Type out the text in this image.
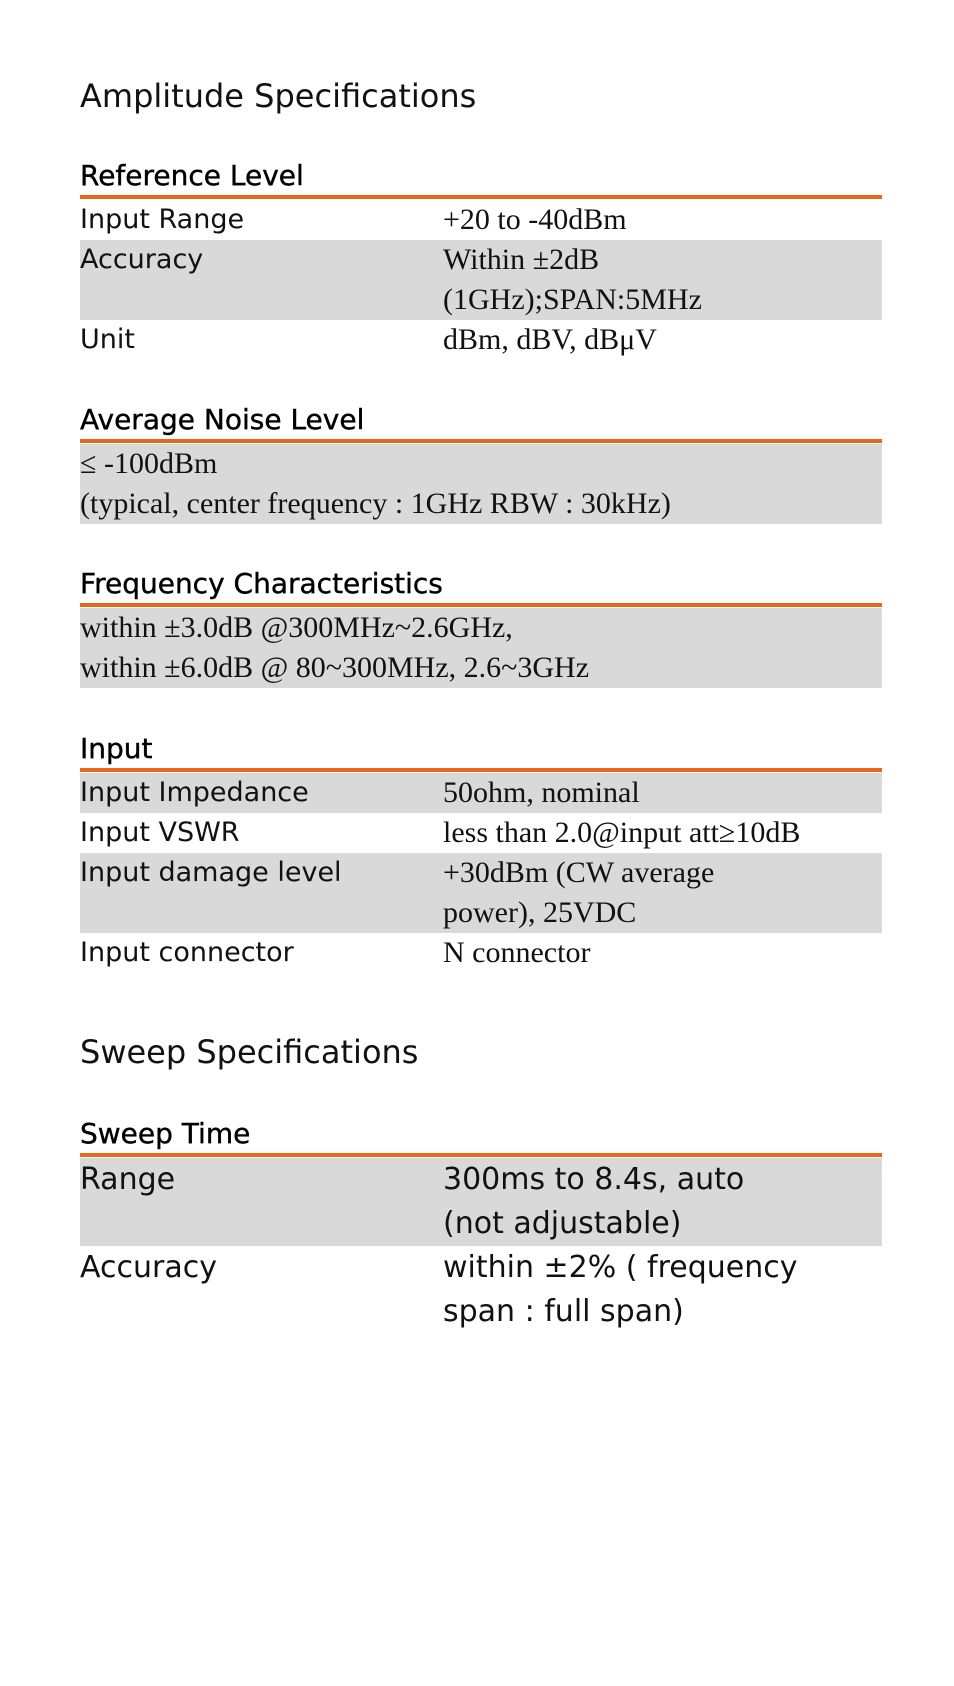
Amplitude Specifications
Reference Level
Input Range	+20 to -40dBm
Accuracy	Within ±2dB
(1GHz);SPAN:5MHz
Unit	dBm, dBV, dBμV
Average Noise Level
≤ -100dBm
(typical, center frequency : 1GHz RBW : 30kHz)
Frequency Characteristics
within ±3.0dB @300MHz~2.6GHz,
within ±6.0dB @ 80~300MHz, 2.6~3GHz
Input
Input Impedance	50ohm, nominal
Input VSWR	less than 2.0@input att≥10dB
Input damage level	+30dBm (CW average
power), 25VDC
Input connector	N connector
Sweep Specifications
Sweep Time
Range	300ms to 8.4s, auto
(not adjustable)
Accuracy	within ±2% ( frequency
span : full span)
